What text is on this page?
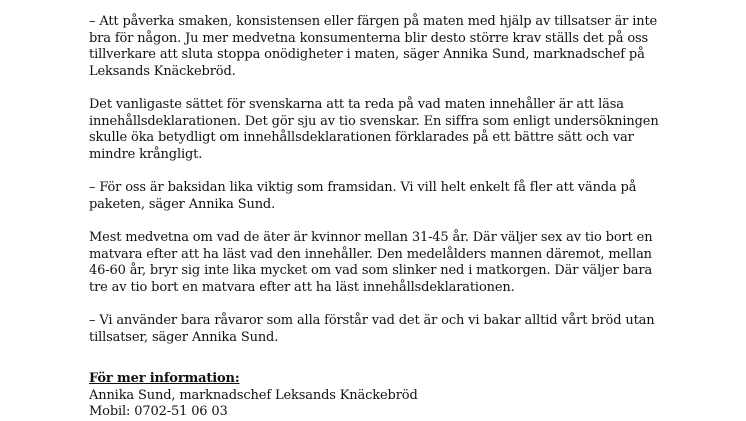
– Att påverka smaken, konsistensen eller färgen på maten med hjälp av tillsatser är inte
bra för någon. Ju mer medvetna konsumenterna blir desto större krav ställs det på oss
tillverkare att sluta stoppa onödigheter i maten, säger Annika Sund, marknadschef på
Leksands Knäckebröd.

Det vanligaste sättet för svenskarna att ta reda på vad maten innehåller är att läsa
innehållsdeklarationen. Det gör sju av tio svenskar. En siffra som enligt undersökningen
skulle öka betydligt om innehållsdeklarationen förklarades på ett bättre sätt och var
mindre krångligt.

– För oss är baksidan lika viktig som framsidan. Vi vill helt enkelt få fler att vända på
paketen, säger Annika Sund.

Mest medvetna om vad de äter är kvinnor mellan 31-45 år. Där väljer sex av tio bort en
matvara efter att ha läst vad den innehåller. Den medelålders mannen däremot, mellan
46-60 år, bryr sig inte lika mycket om vad som slinker ned i matkorgen. Där väljer bara
tre av tio bort en matvara efter att ha läst innehållsdeklarationen.

– Vi använder bara råvaror som alla förstår vad det är och vi bakar alltid vårt bröd utan
tillsatser, säger Annika Sund.

För mer information:
Annika Sund, marknadschef Leksands Knäckebröd
Mobil: 0702-51 06 03
